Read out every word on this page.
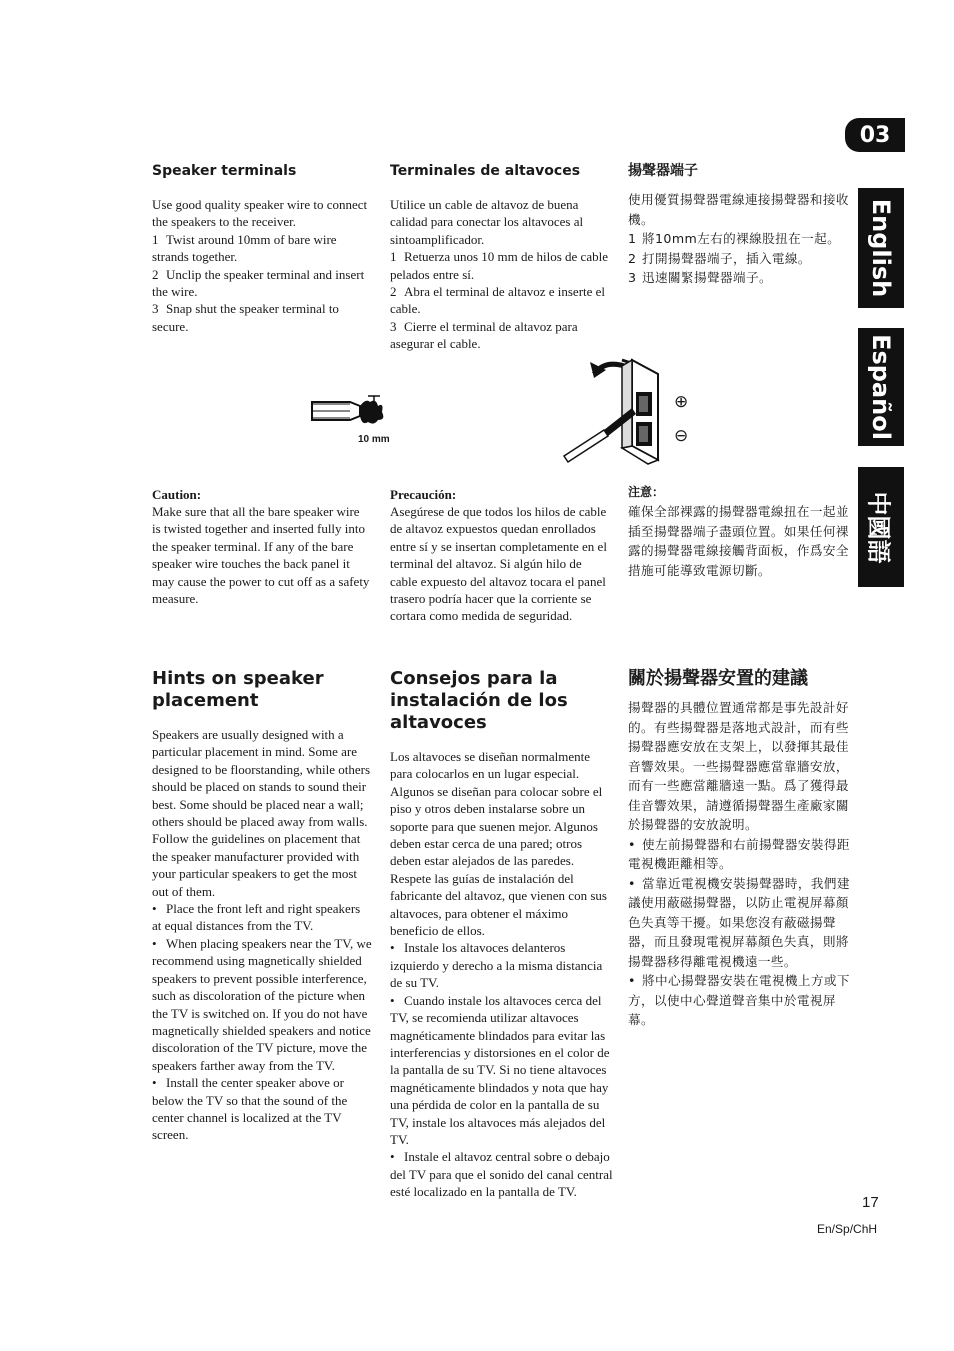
03
English
Español
中國語
Speaker terminals

Use good quality speaker wire to connect the speakers to the receiver.

1 Twist around 10mm of bare wire strands together.

2 Unclip the speaker terminal and insert the wire.

3 Snap shut the speaker terminal to secure.

Terminales de altavoces

Utilice un cable de altavoz de buena calidad para conectar los altavoces al sintoamplificador.

1 Retuerza unos 10 mm de hilos de cable pelados entre sí.

2 Abra el terminal de altavoz e inserte el cable.

3 Cierre el terminal de altavoz para asegurar el cable.

揚聲器端子

使用優質揚聲器電線連接揚聲器和接收機。

1 將10mm左右的裸線股扭在一起。

2 打開揚聲器端子，插入電線。

3 迅速關緊揚聲器端子。

10 mm
⊕
⊖
Caution:

Make sure that all the bare speaker wire is twisted together and inserted fully into the speaker terminal. If any of the bare speaker wire touches the back panel it may cause the power to cut off as a safety measure.

Precaución:

Asegúrese de que todos los hilos de cable de altavoz expuestos quedan enrollados entre sí y se insertan completamente en el terminal del altavoz. Si algún hilo de cable expuesto del altavoz tocara el panel trasero podría hacer que la corriente se cortara como medida de seguridad.

注意：

確保全部裸露的揚聲器電線扭在一起並插至揚聲器端子盡頭位置。如果任何裸露的揚聲器電線接觸背面板，作爲安全措施可能導致電源切斷。

Hints on speaker placement

Speakers are usually designed with a particular placement in mind. Some are designed to be floorstanding, while others should be placed on stands to sound their best. Some should be placed near a wall; others should be placed away from walls. Follow the guidelines on placement that the speaker manufacturer provided with your particular speakers to get the most out of them.

• Place the front left and right speakers at equal distances from the TV.

• When placing speakers near the TV, we recommend using magnetically shielded speakers to prevent possible interference, such as discoloration of the picture when the TV is switched on. If you do not have magnetically shielded speakers and notice discoloration of the TV picture, move the speakers farther away from the TV.

• Install the center speaker above or below the TV so that the sound of the center channel is localized at the TV screen.

Consejos para la instalación de los altavoces

Los altavoces se diseñan normalmente para colocarlos en un lugar especial. Algunos se diseñan para colocar sobre el piso y otros deben instalarse sobre un soporte para que suenen mejor. Algunos deben estar cerca de una pared; otros deben estar alejados de las paredes. Respete las guías de instalación del fabricante del altavoz, que vienen con sus altavoces, para obtener el máximo beneficio de ellos.

• Instale los altavoces delanteros izquierdo y derecho a la misma distancia de su TV.

• Cuando instale los altavoces cerca del TV, se recomienda utilizar altavoces magnéticamente blindados para evitar las interferencias y distorsiones en el color de la pantalla de su TV. Si no tiene altavoces magnéticamente blindados y nota que hay una pérdida de color en la pantalla de su TV, instale los altavoces más alejados del TV.

• Instale el altavoz central sobre o debajo del TV para que el sonido del canal central esté localizado en la pantalla de TV.

關於揚聲器安置的建議

揚聲器的具體位置通常都是事先設計好的。有些揚聲器是落地式設計，而有些揚聲器應安放在支架上，以發揮其最佳音響效果。一些揚聲器應當靠牆安放，而有一些應當離牆遠一點。爲了獲得最佳音響效果，請遵循揚聲器生產廠家關於揚聲器的安放說明。

• 使左前揚聲器和右前揚聲器安裝得距電視機距離相等。

• 當靠近電視機安裝揚聲器時，我們建議使用蔽磁揚聲器，以防止電視屏幕顏色失真等干擾。如果您沒有蔽磁揚聲器，而且發現電視屏幕顏色失真，則將揚聲器移得離電視機遠一些。

• 將中心揚聲器安裝在電視機上方或下方，以使中心聲道聲音集中於電視屏幕。

17
En/Sp/ChH
